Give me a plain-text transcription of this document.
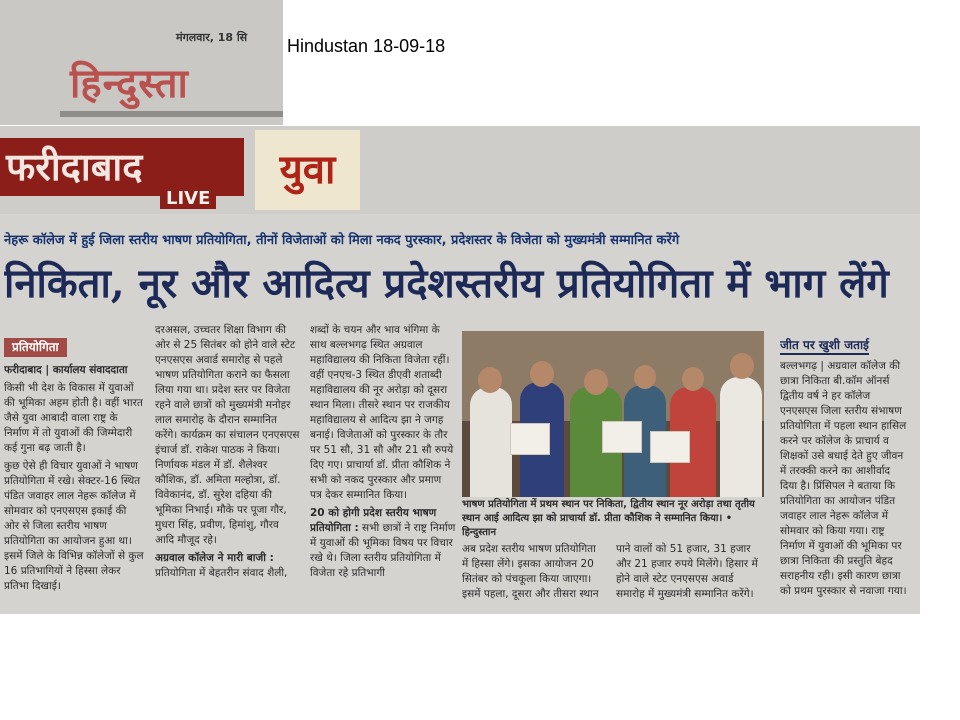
मंगलवार, 18 सि
हिन्दुस्ता
Hindustan 18-09-18
फरीदाबाद
LIVE
युवा
नेहरू कॉलेज में हुई जिला स्तरीय भाषण प्रतियोगिता, तीनों विजेताओं को मिला नकद पुरस्कार, प्रदेशस्तर के विजेता को मुख्यमंत्री सम्मानित करेंगे
निकिता, नूर और आदित्य प्रदेशस्तरीय प्रतियोगिता में भाग लेंगे
प्रतियोगिता
फरीदाबाद | कार्यालय संवाददाता

किसी भी देश के विकास में युवाओं की भूमिका अहम होती है। वहीं भारत जैसे युवा आबादी वाला राष्ट्र के निर्माण में तो युवाओं की जिम्मेदारी कई गुना बढ़ जाती है।

कुछ ऐसे ही विचार युवाओं ने भाषण प्रतियोगिता में रखे। सेक्टर-16 स्थित पंडित जवाहर लाल नेहरू कॉलेज में सोमवार को एनएसएस इकाई की ओर से जिला स्तरीय भाषण प्रतियोगिता का आयोजन हुआ था। इसमें जिले के विभिन्न कॉलेजों से कुल 16 प्रतिभागियों ने हिस्सा लेकर प्रतिभा दिखाई।

दरअसल, उच्चतर शिक्षा विभाग की ओर से 25 सितंबर को होने वाले स्टेट एनएसएस अवार्ड समारोह से पहले भाषण प्रतियोगिता कराने का फैसला लिया गया था। प्रदेश स्तर पर विजेता रहने वाले छात्रों को मुख्यमंत्री मनोहर लाल समारोह के दौरान सम्मानित करेंगे। कार्यक्रम का संचालन एनएसएस इंचार्ज डॉ. राकेश पाठक ने किया। निर्णायक मंडल में डॉ. शैलेश्वर कौशिक, डॉ. अमिता मल्होत्रा, डॉ. विवेकानंद, डॉ. सुरेश दहिया की भूमिका निभाई। मौके पर पूजा गौर, मुधरा सिंह, प्रवीण, हिमांशु, गौरव आदि मौजूद रहे।

अग्रवाल कॉलेज ने मारी बाजी : प्रतियोगिता में बेहतरीन संवाद शैली,

शब्दों के चयन और भाव भंगिमा के साथ बल्लभगढ़ स्थित अग्रवाल महाविद्यालय की निकिता विजेता रहीं। वहीं एनएच-3 स्थित डीएवी शताब्दी महाविद्यालय की नूर अरोड़ा को दूसरा स्थान मिला। तीसरे स्थान पर राजकीय महाविद्यालय से आदित्य झा ने जगह बनाई। विजेताओं को पुरस्कार के तौर पर 51 सौ, 31 सौ और 21 सौ रुपये दिए गए। प्राचार्या डॉ. प्रीता कौशिक ने सभी को नकद पुरस्कार और प्रमाण पत्र देकर सम्मानित किया।

20 को होगी प्रदेश स्तरीय भाषण प्रतियोगिता : सभी छात्रों ने राष्ट्र निर्माण में युवाओं की भूमिका विषय पर विचार रखे थे। जिला स्तरीय प्रतियोगिता में विजेता रहे प्रतिभागी

भाषण प्रतियोगिता में प्रथम स्थान पर निकिता, द्वितीय स्थान नूर अरोड़ा तथा तृतीय स्थान आई आदित्य झा को प्राचार्या डॉ. प्रीता कौशिक ने सम्मानित किया। • हिन्दुस्तान

अब प्रदेश स्तरीय भाषण प्रतियोगिता में हिस्सा लेंगे। इसका आयोजन 20 सितंबर को पंचकूला किया जाएगा। इसमें पहला, दूसरा और तीसरा स्थान

पाने वालों को 51 हजार, 31 हजार और 21 हजार रुपये मिलेंगे। हिसार में होने वाले स्टेट एनएसएस अवार्ड समारोह में मुख्यमंत्री सम्मानित करेंगे।

जीत पर खुशी जताई

बल्लभगढ़ | अग्रवाल कॉलेज की छात्रा निकिता बी.कॉम ऑनर्स द्वितीय वर्ष ने हर कॉलेज एनएसएस जिला स्तरीय संभाषण प्रतियोगिता में पहला स्थान हासिल करने पर कॉलेज के प्राचार्य व शिक्षकों उसे बधाई देते हुए जीवन में तरक्की करने का आशीर्वाद दिया है। प्रिंसिपल ने बताया कि प्रतियोगिता का आयोजन पंडित जवाहर लाल नेहरू कॉलेज में सोमवार को किया गया। राष्ट्र निर्माण में युवाओं की भूमिका पर छात्रा निकिता की प्रस्तुति बेहद सराहनीय रही। इसी कारण छात्रा को प्रथम पुरस्कार से नवाजा गया।
